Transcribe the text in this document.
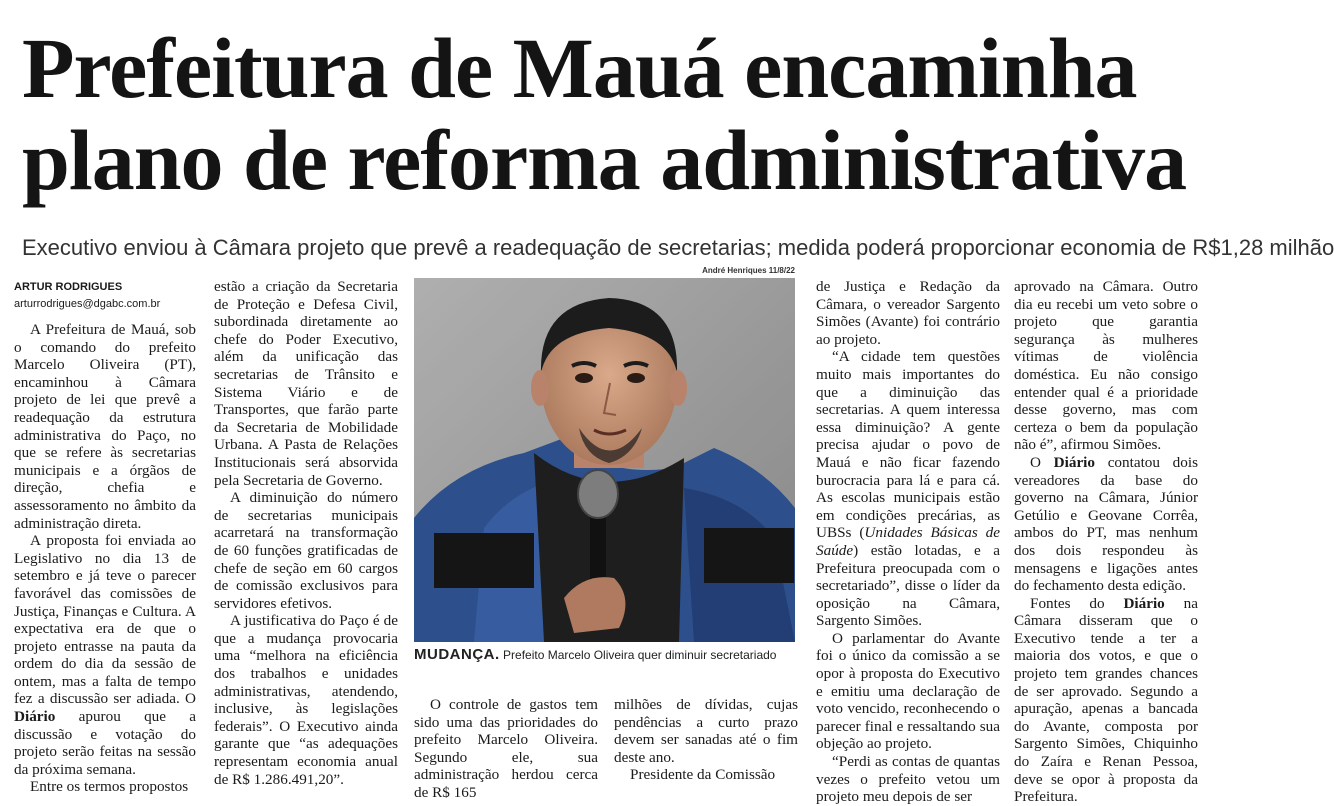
Prefeitura de Mauá encaminha
plano de reforma administrativa

Executivo enviou à Câmara projeto que prevê a readequação de secretarias; medida poderá proporcionar economia de R$1,28 milhão

ARTUR RODRIGUES
arturrodrigues@dgabc.com.br

A Prefeitura de Mauá, sob o comando do prefeito Marcelo Oliveira (PT), encaminhou à Câmara projeto de lei que prevê a readequação da estrutura administrativa do Paço, no que se refere às secretarias municipais e a órgãos de direção, chefia e assessoramento no âmbito da administração direta.

A proposta foi enviada ao Legislativo no dia 13 de setembro e já teve o parecer favorável das comissões de Justiça, Finanças e Cultura. A expectativa era de que o projeto entrasse na pauta da ordem do dia da sessão de ontem, mas a falta de tempo fez a discussão ser adiada. O Diário apurou que a discussão e votação do projeto serão feitas na sessão da próxima semana.

Entre os termos propostos

estão a criação da Secretaria de Proteção e Defesa Civil, subordinada diretamente ao chefe do Poder Executivo, além da unificação das secretarias de Trânsito e Sistema Viário e de Transportes, que farão parte da Secretaria de Mobilidade Urbana. A Pasta de Relações Institucionais será absorvida pela Secretaria de Governo.

A diminuição do número de secretarias municipais acarretará na transformação de 60 funções gratificadas de chefe de seção em 60 cargos de comissão exclusivos para servidores efetivos.

A justificativa do Paço é de que a mudança provocaria uma “melhora na eficiência dos trabalhos e unidades administrativas, atendendo, inclusive, às legislações federais”. O Executivo ainda garante que “as adequações representam economia anual de R$ 1.286.491,20”.

André Henriques 11/8/22
MUDANÇA. Prefeito Marcelo Oliveira quer diminuir secretariado

O controle de gastos tem sido uma das prioridades do prefeito Marcelo Oliveira. Segundo ele, sua administração herdou cerca de R$ 165

milhões de dívidas, cujas pendências a curto prazo devem ser sanadas até o fim deste ano.

Presidente da Comissão

de Justiça e Redação da Câmara, o vereador Sargento Simões (Avante) foi contrário ao projeto.

“A cidade tem questões muito mais importantes do que a diminuição das secretarias. A quem interessa essa diminuição? A gente precisa ajudar o povo de Mauá e não ficar fazendo burocracia para lá e para cá. As escolas municipais estão em condições precárias, as UBSs (Unidades Básicas de Saúde) estão lotadas, e a Prefeitura preocupada com o secretariado”, disse o líder da oposição na Câmara, Sargento Simões.

O parlamentar do Avante foi o único da comissão a se opor à proposta do Executivo e emitiu uma declaração de voto vencido, reconhecendo o parecer final e ressaltando sua objeção ao projeto.

“Perdi as contas de quantas vezes o prefeito vetou um projeto meu depois de ser

aprovado na Câmara. Outro dia eu recebi um veto sobre o projeto que garantia segurança às mulheres vítimas de violência doméstica. Eu não consigo entender qual é a prioridade desse governo, mas com certeza o bem da população não é”, afirmou Simões.

O Diário contatou dois vereadores da base do governo na Câmara, Júnior Getúlio e Geovane Corrêa, ambos do PT, mas nenhum dos dois respondeu às mensagens e ligações antes do fechamento desta edição.

Fontes do Diário na Câmara disseram que o Executivo tende a ter a maioria dos votos, e que o projeto tem grandes chances de ser aprovado. Segundo a apuração, apenas a bancada do Avante, composta por Sargento Simões, Chiquinho do Zaíra e Renan Pessoa, deve se opor à proposta da Prefeitura.
